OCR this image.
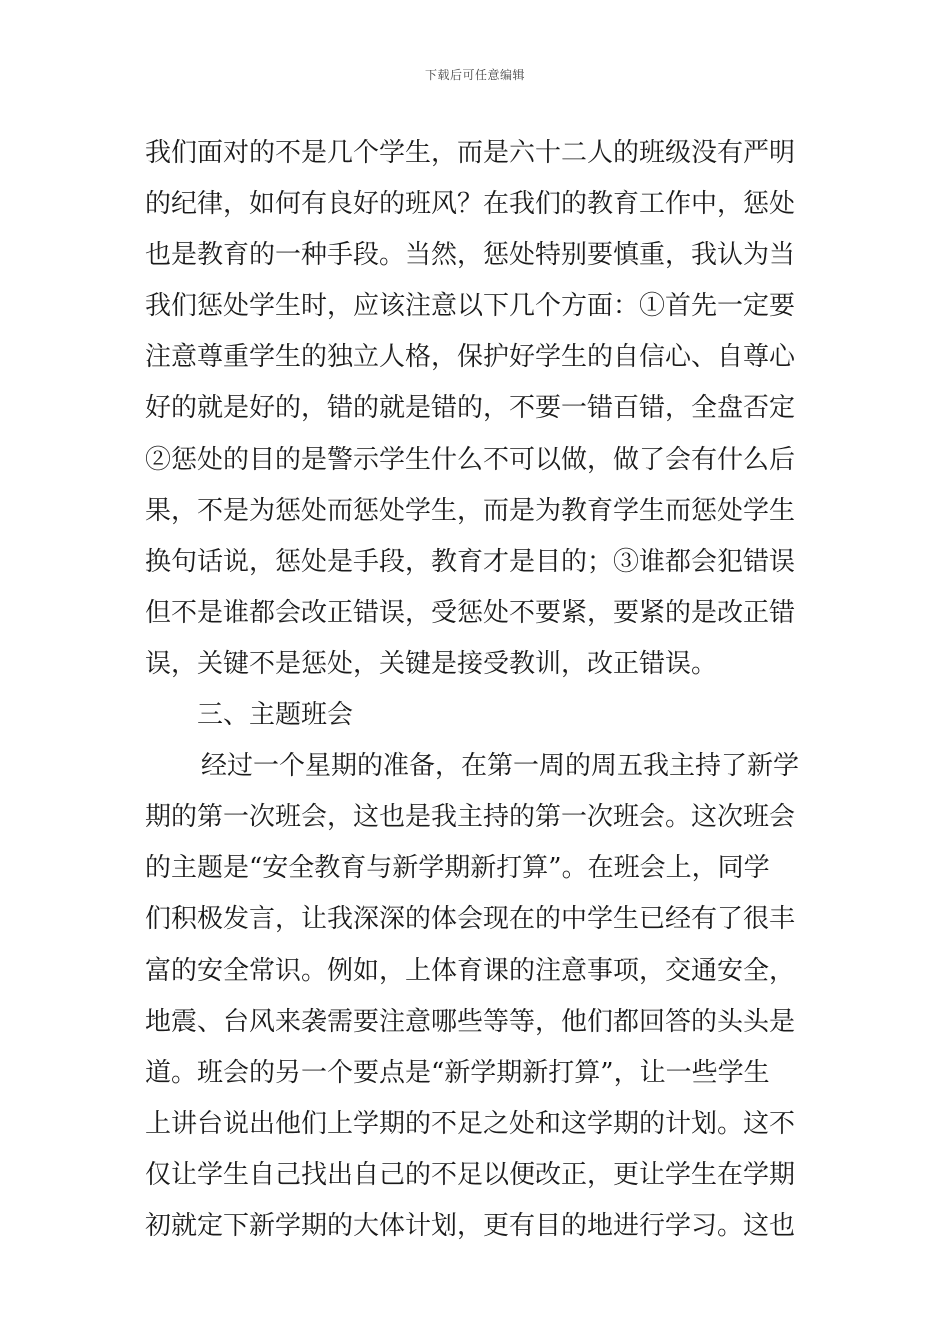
下载后可任意编辑
我们面对的不是几个学生，而是六十二人的班级没有严明
的纪律，如何有良好的班风？在我们的教育工作中，惩处
也是教育的一种手段。当然，惩处特别要慎重，我认为当
我们惩处学生时，应该注意以下几个方面：①首先一定要
注意尊重学生的独立人格，保护好学生的自信心、自尊心
好的就是好的，错的就是错的，不要一错百错，全盘否定
②惩处的目的是警示学生什么不可以做，做了会有什么后
果，不是为惩处而惩处学生，而是为教育学生而惩处学生
换句话说，惩处是手段，教育才是目的；③谁都会犯错误
但不是谁都会改正错误，受惩处不要紧，要紧的是改正错
误，关键不是惩处，关键是接受教训，改正错误。
三、主题班会
经过一个星期的准备，在第一周的周五我主持了新学
期的第一次班会，这也是我主持的第一次班会。这次班会
的主题是“安全教育与新学期新打算”。在班会上，同学
们积极发言，让我深深的体会现在的中学生已经有了很丰
富的安全常识。例如，上体育课的注意事项，交通安全，
地震、台风来袭需要注意哪些等等，他们都回答的头头是
道。班会的另一个要点是“新学期新打算”，让一些学生
上讲台说出他们上学期的不足之处和这学期的计划。这不
仅让学生自己找出自己的不足以便改正，更让学生在学期
初就定下新学期的大体计划，更有目的地进行学习。这也
